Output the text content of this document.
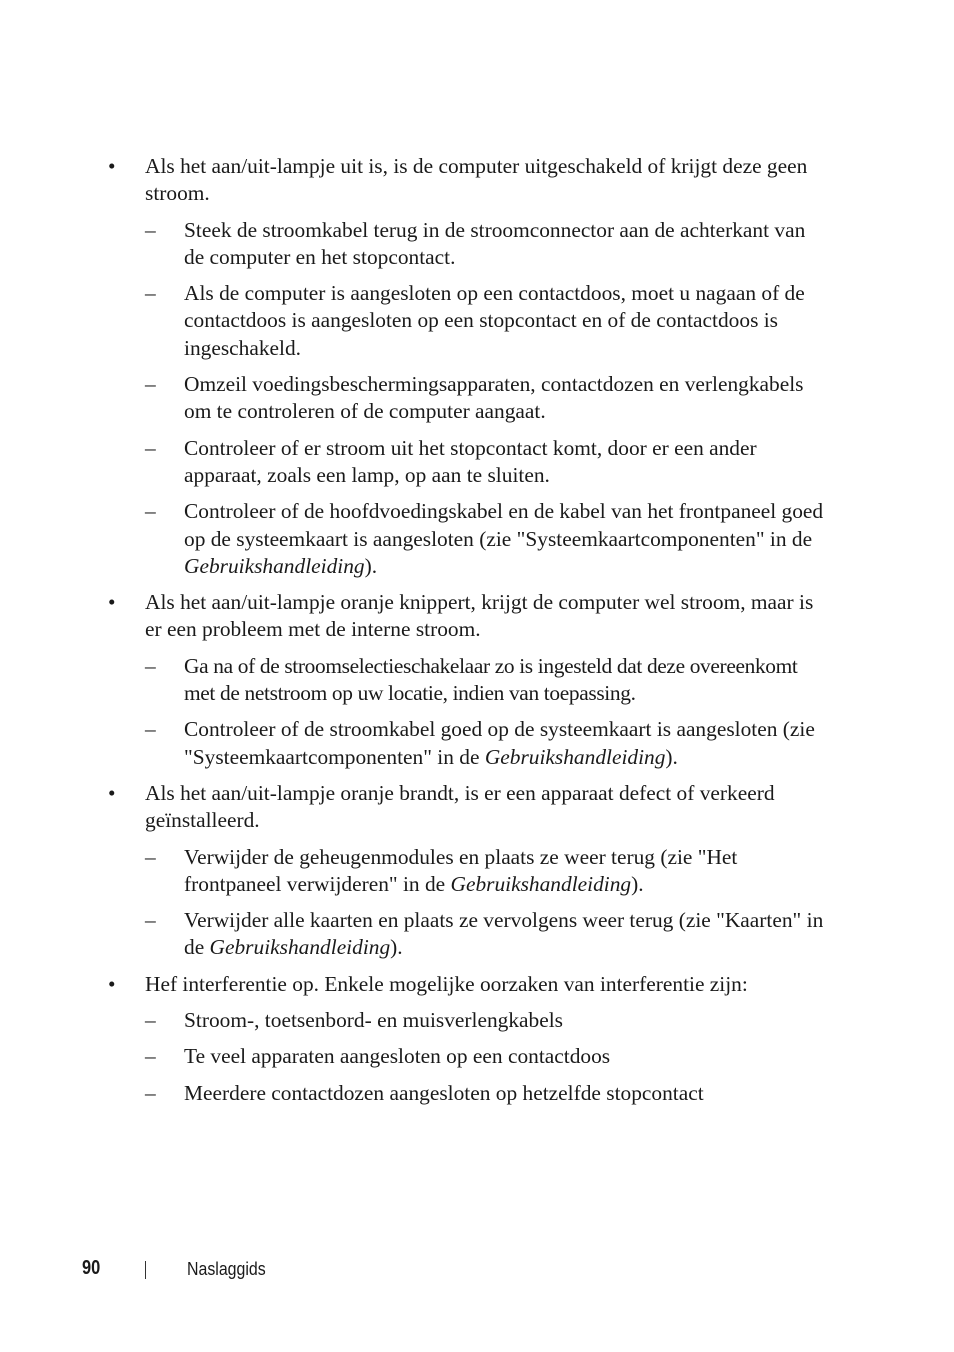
• Als het aan/uit-lampje uit is, is de computer uitgeschakeld of krijgt deze geen stroom.
– Steek de stroomkabel terug in de stroomconnector aan de achterkant van de computer en het stopcontact.
– Als de computer is aangesloten op een contactdoos, moet u nagaan of de contactdoos is aangesloten op een stopcontact en of de contactdoos is ingeschakeld.
– Omzeil voedingsbeschermingsapparaten, contactdozen en verlengkabels om te controleren of de computer aangaat.
– Controleer of er stroom uit het stopcontact komt, door er een ander apparaat, zoals een lamp, op aan te sluiten.
– Controleer of de hoofdvoedingskabel en de kabel van het frontpaneel goed op de systeemkaart is aangesloten (zie "Systeemkaartcomponenten" in de Gebruikshandleiding).
• Als het aan/uit-lampje oranje knippert, krijgt de computer wel stroom, maar is er een probleem met de interne stroom.
– Ga na of de stroomselectieschakelaar zo is ingesteld dat deze overeenkomt met de netstroom op uw locatie, indien van toepassing.
– Controleer of de stroomkabel goed op de systeemkaart is aangesloten (zie "Systeemkaartcomponenten" in de Gebruikshandleiding).
• Als het aan/uit-lampje oranje brandt, is er een apparaat defect of verkeerd geïnstalleerd.
– Verwijder de geheugenmodules en plaats ze weer terug (zie "Het frontpaneel verwijderen" in de Gebruikshandleiding).
– Verwijder alle kaarten en plaats ze vervolgens weer terug (zie "Kaarten" in de Gebruikshandleiding).
• Hef interferentie op. Enkele mogelijke oorzaken van interferentie zijn:
– Stroom-, toetsenbord- en muisverlengkabels
– Te veel apparaten aangesloten op een contactdoos
– Meerdere contactdozen aangesloten op hetzelfde stopcontact
90	Naslaggids
